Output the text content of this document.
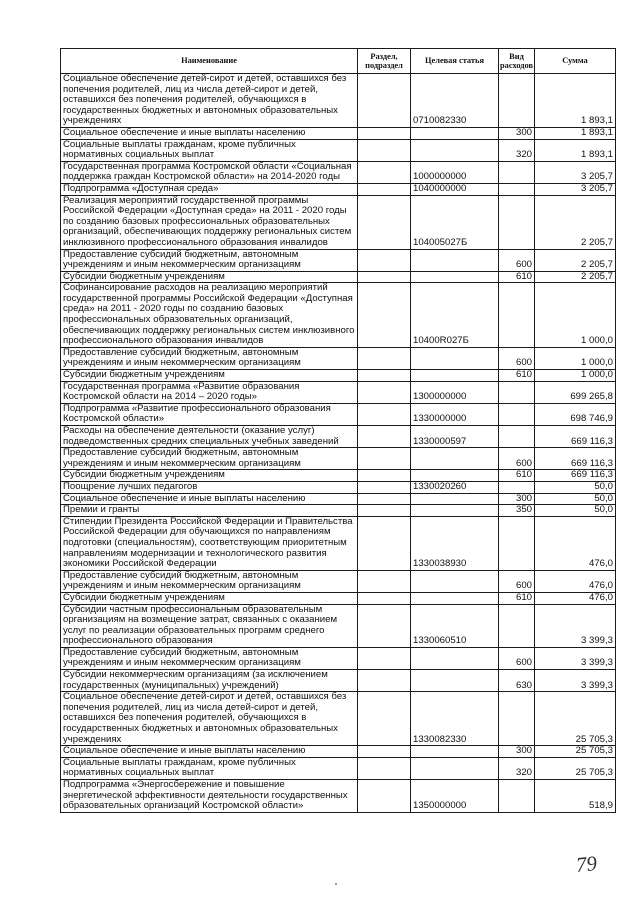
Наименование	Раздел, подраздел	Целевая статья	Вид расходов	Сумма
Социальное обеспечение детей-сирот и детей, оставшихся без попечения родителей, лиц из числа детей-сирот и детей, оставшихся без попечения родителей, обучающихся в государственных бюджетных и автономных образовательных учреждениях		0710082330		1 893,1
Социальное обеспечение и иные выплаты населению			300	1 893,1
Социальные выплаты гражданам, кроме публичных нормативных социальных выплат			320	1 893,1
Государственная программа Костромской области «Социальная поддержка граждан Костромской области» на 2014-2020 годы		1000000000		3 205,7
Подпрограмма «Доступная среда»		1040000000		3 205,7
Реализация мероприятий государственной программы Российской Федерации «Доступная среда» на 2011 - 2020 годы по созданию базовых профессиональных образовательных организаций, обеспечивающих поддержку региональных систем инклюзивного профессионального образования инвалидов		104005027Б		2 205,7
Предоставление субсидий бюджетным, автономным учреждениям и иным некоммерческим организациям			600	2 205,7
Субсидии бюджетным учреждениям			610	2 205,7
Софинансирование расходов на реализацию мероприятий государственной программы Российской Федерации «Доступная среда» на 2011 - 2020 годы по созданию базовых профессиональных образовательных организаций, обеспечивающих поддержку региональных систем инклюзивного профессионального образования инвалидов		10400R027Б		1 000,0
Предоставление субсидий бюджетным, автономным учреждениям и иным некоммерческим организациям			600	1 000,0
Субсидии бюджетным учреждениям			610	1 000,0
Государственная программа «Развитие образования Костромской области на 2014 – 2020 годы»		1300000000		699 265,8
Подпрограмма «Развитие профессионального образования Костромской области»		1330000000		698 746,9
Расходы на обеспечение деятельности (оказание услуг) подведомственных средних специальных учебных заведений		1330000597		669 116,3
Предоставление субсидий бюджетным, автономным учреждениям и иным некоммерческим организациям			600	669 116,3
Субсидии бюджетным учреждениям			610	669 116,3
Поощрение лучших педагогов		1330020260		50,0
Социальное обеспечение и иные выплаты населению			300	50,0
Премии и гранты			350	50,0
Стипендии Президента Российской Федерации и Правительства Российской Федерации для обучающихся по направлениям подготовки (специальностям), соответствующим приоритетным направлениям модернизации и технологического развития экономики Российской Федерации		1330038930		476,0
Предоставление субсидий бюджетным, автономным учреждениям и иным некоммерческим организациям			600	476,0
Субсидии бюджетным учреждениям			610	476,0
Субсидии частным профессиональным образовательным организациям на возмещение затрат, связанных с оказанием услуг по реализации образовательных программ среднего профессионального образования		1330060510		3 399,3
Предоставление субсидий бюджетным, автономным учреждениям и иным некоммерческим организациям			600	3 399,3
Субсидии некоммерческим организациям (за исключением государственных (муниципальных) учреждений)			630	3 399,3
Социальное обеспечение детей-сирот и детей, оставшихся без попечения родителей, лиц из числа детей-сирот и детей, оставшихся без попечения родителей, обучающихся в государственных бюджетных и автономных образовательных учреждениях		1330082330		25 705,3
Социальное обеспечение и иные выплаты населению			300	25 705,3
Социальные выплаты гражданам, кроме публичных нормативных социальных выплат			320	25 705,3
Подпрограмма «Энергосбережение и повышение энергетической эффективности деятельности государственных образовательных организаций Костромской области»		1350000000		518,9
79
